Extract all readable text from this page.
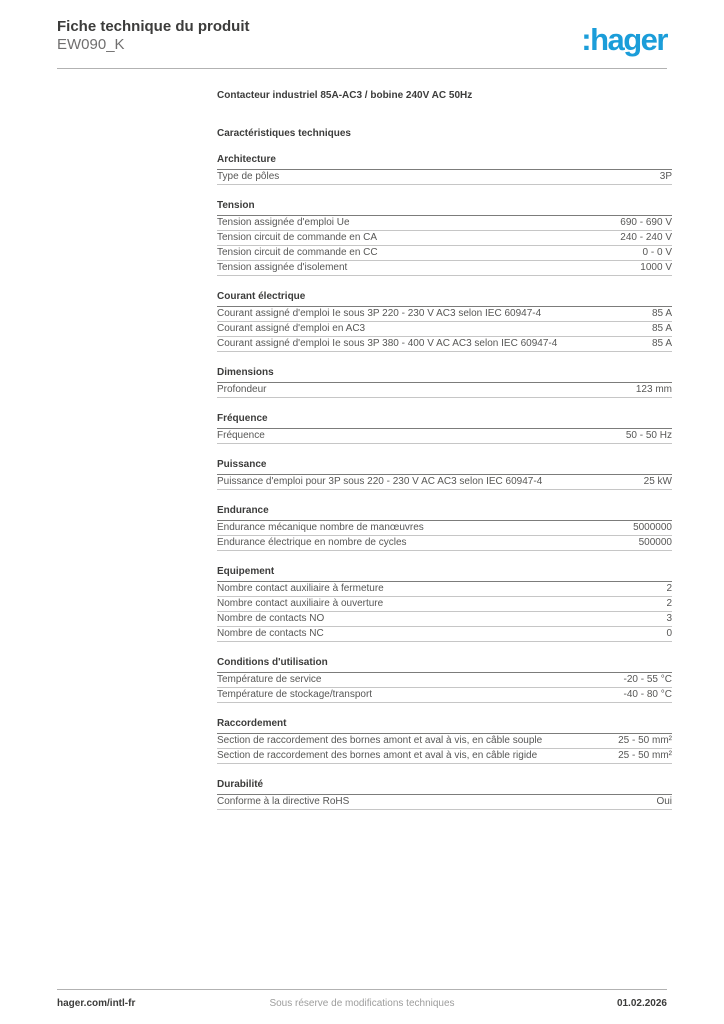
Fiche technique du produit
EW090_K	:hager
Contacteur industriel 85A-AC3 / bobine 240V AC 50Hz
Caractéristiques techniques
Architecture
Type de pôles	3P
Tension
Tension assignée d'emploi Ue	690 - 690 V
Tension circuit de commande en CA	240 - 240 V
Tension circuit de commande en CC	0 - 0 V
Tension assignée d'isolement	1000 V
Courant électrique
Courant assigné d'emploi Ie sous 3P 220 - 230 V AC3 selon IEC 60947-4	85 A
Courant assigné d'emploi en AC3	85 A
Courant assigné d'emploi Ie sous 3P 380 - 400 V AC AC3 selon IEC 60947-4	85 A
Dimensions
Profondeur	123 mm
Fréquence
Fréquence	50 - 50 Hz
Puissance
Puissance d'emploi pour 3P sous 220 - 230 V AC AC3 selon IEC 60947-4	25 kW
Endurance
Endurance mécanique nombre de manœuvres	5000000
Endurance électrique en nombre de cycles	500000
Equipement
Nombre contact auxiliaire à fermeture	2
Nombre contact auxiliaire à ouverture	2
Nombre de contacts NO	3
Nombre de contacts NC	0
Conditions d'utilisation
Température de service	-20 - 55 °C
Température de stockage/transport	-40 - 80 °C
Raccordement
Section de raccordement des bornes amont et aval à vis, en câble souple	25 - 50 mm²
Section de raccordement des bornes amont et aval à vis, en câble rigide	25 - 50 mm²
Durabilité
Conforme à la directive RoHS	Oui
hager.com/intl-fr	Sous réserve de modifications techniques	01.02.2026
